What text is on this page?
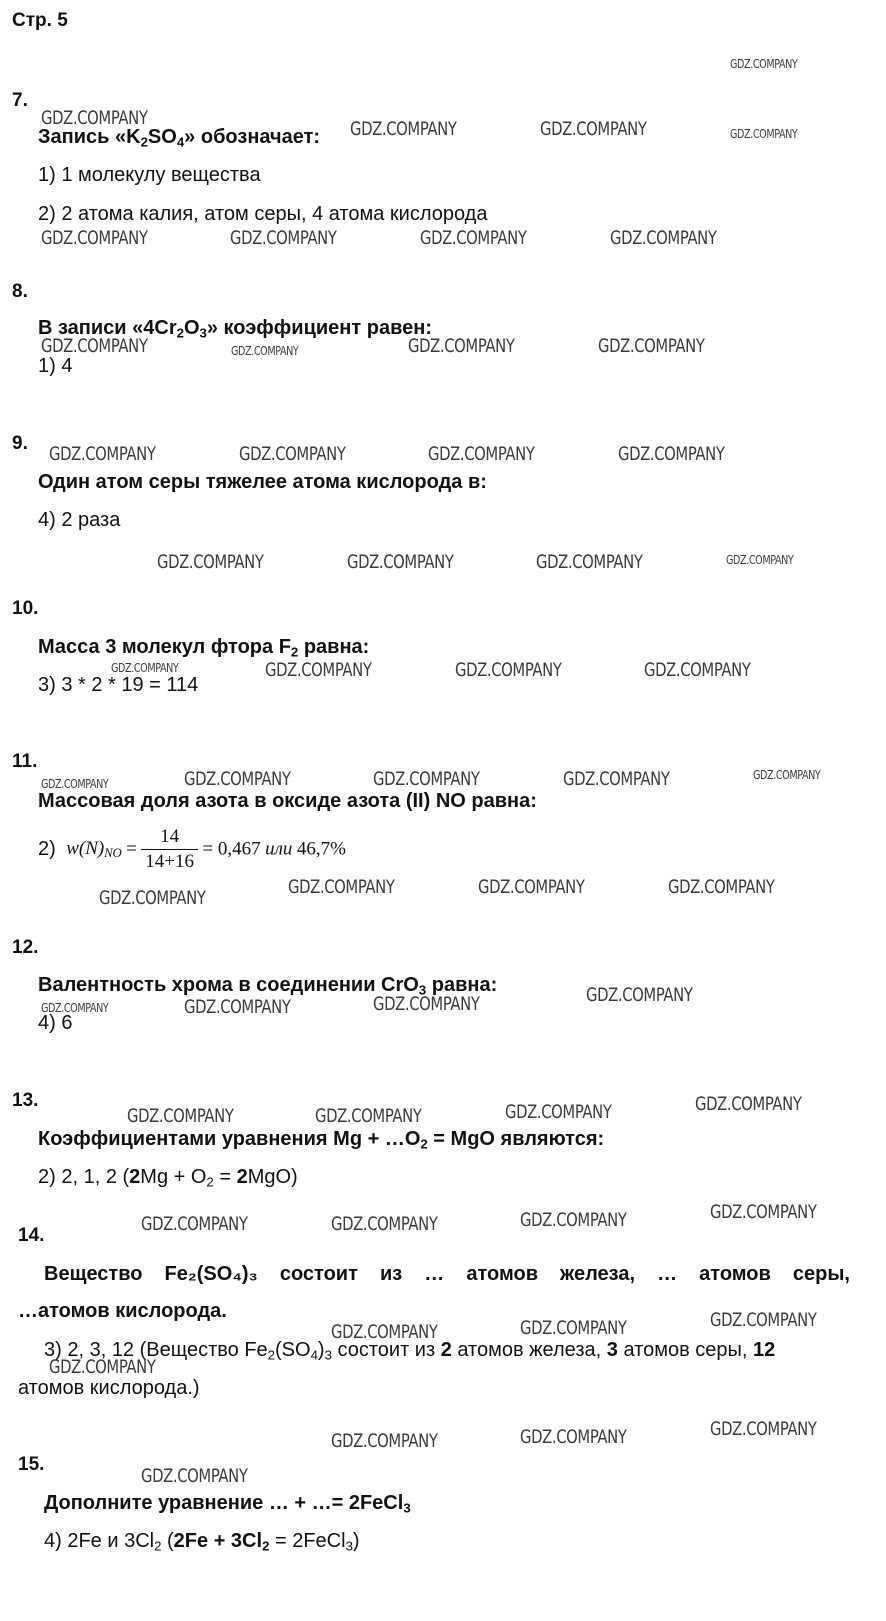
Стр. 5
GDZ.COMPANY
GDZ.COMPANY	GDZ.COMPANY	GDZ.COMPANY	GDZ.COMPANY
GDZ.COMPANY	GDZ.COMPANY	GDZ.COMPANY	GDZ.COMPANY
GDZ.COMPANY	GDZ.COMPANY	GDZ.COMPANY	GDZ.COMPANY
GDZ.COMPANY	GDZ.COMPANY	GDZ.COMPANY	GDZ.COMPANY
GDZ.COMPANY	GDZ.COMPANY	GDZ.COMPANY	GDZ.COMPANY
GDZ.COMPANY	GDZ.COMPANY	GDZ.COMPANY	GDZ.COMPANY
GDZ.COMPANY	GDZ.COMPANY	GDZ.COMPANY	GDZ.COMPANY	GDZ.COMPANY
GDZ.COMPANY	GDZ.COMPANY	GDZ.COMPANY
GDZ.COMPANY
GDZ.COMPANY
GDZ.COMPANY	GDZ.COMPANY	GDZ.COMPANY
GDZ.COMPANY	GDZ.COMPANY	GDZ.COMPANY	GDZ.COMPANY
GDZ.COMPANY	GDZ.COMPANY	GDZ.COMPANY	GDZ.COMPANY
GDZ.COMPANY	GDZ.COMPANY	GDZ.COMPANY
GDZ.COMPANY
GDZ.COMPANY	GDZ.COMPANY	GDZ.COMPANY
GDZ.COMPANY
7.
Запись «$K_2SO_4$» обозначает:
1) 1 молекулу вещества
2) 2 атома калия, атом серы, 4 атома кислорода
8.
В записи «$4Cr_2O_3$» коэффициент равен:
1) 4
9.
Один атом серы тяжелее атома кислорода в:
4) 2 раза
10.
Масса 3 молекул фтора $F_2$ равна:
3) 3 * 2 * 19 = 114
11.
Массовая доля азота в оксиде азота (II) NO равна:
2) $w(N)_{NO} = \frac{14}{14+16} = 0,467$ или 46,7%
12.
Валентность хрома в соединении CrO$_3$ равна:
4) 6
13.
Коэффициентами уравнения $Mg + \dots O_2$ = MgO являются:
2) 2, 1, 2 $(2Mg + O_2 = 2MgO)$
14.
Вещество Fe₂(SO₄)₃ состоит из … атомов железа, … атомов серы,
…атомов кислорода.
3) 2, 3, 12 (Вещество $Fe_2(SO_4)_3$ состоит из 2 атомов железа, 3 атомов серы, 12
атомов кислорода.)
15.
Дополните уравнение … + …= 2FeCl$_3$
4) 2Fe и $3Cl_2$ ($2Fe + 3Cl_2$ = 2FeCl$_3$)
